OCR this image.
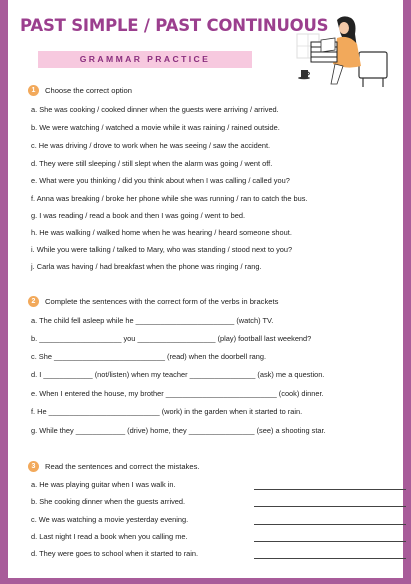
PAST SIMPLE / PAST CONTINUOUS
GRAMMAR PRACTICE
1	Choose the correct option
a. She was cooking / cooked dinner when the guests were arriving / arrived.
b. We were watching / watched a movie while it was raining / rained outside.
c. He was driving / drove to work when he was seeing / saw the accident.
d. They were still sleeping / still slept when the alarm was going / went off.
e. What were you thinking / did you think about when I was calling / called you?
f. Anna was breaking / broke her phone while she was running / ran to catch the bus.
g. I was reading / read a book and then I was going / went to bed.
h. He was walking / walked home when he was hearing / heard someone shout.
i. While you were talking / talked to Mary, who was standing / stood next to you?
j. Carla was having / had breakfast when the phone was ringing / rang.
2	Complete the sentences with the correct form of the verbs in brackets
a. The child fell asleep while he ________________________ (watch) TV.
b. ____________________ you ___________________ (play) football last weekend?
c. She ___________________________ (read) when the doorbell rang.
d. I ____________ (not/listen) when my teacher ________________ (ask) me a question.
e. When I entered the house, my brother ___________________________ (cook) dinner.
f. He ___________________________ (work) in the garden when it started to rain.
g. While they ____________ (drive) home, they ________________ (see) a shooting star.
3	Read the sentences and correct the mistakes.
a. He was playing guitar when I was walk in.
b. She cooking dinner when the guests arrived.
c. We was watching a movie yesterday evening.
d. Last night I read a book when you calling me.
d. They were goes to school when it started to rain.
